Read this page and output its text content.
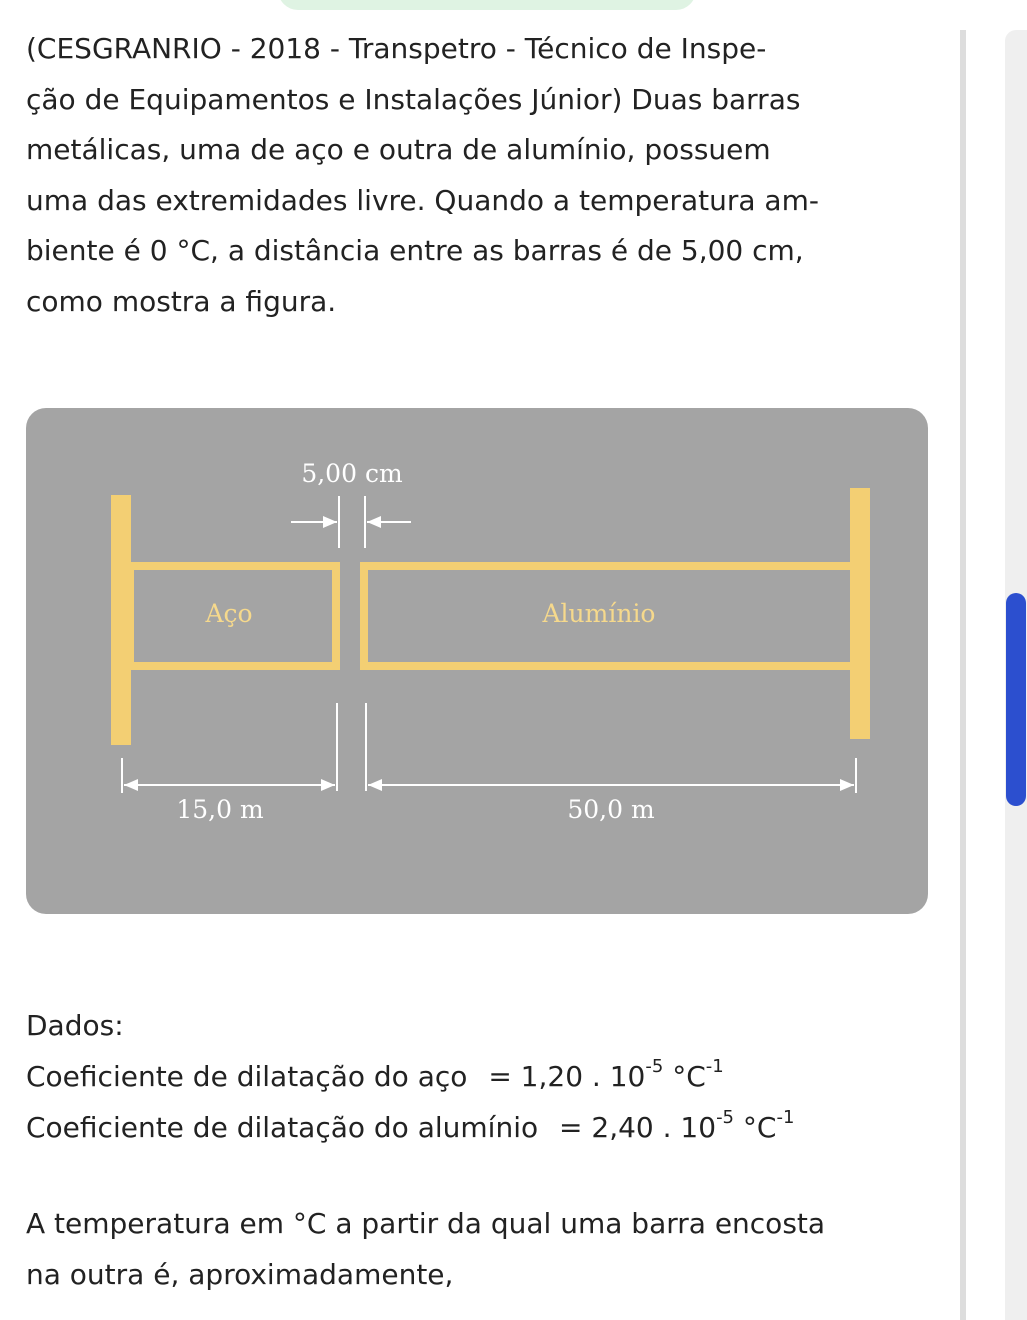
(CESGRANRIO - 2018 - Transpetro - Técnico de Inspe-
ção de Equipamentos e Instalações Júnior) Duas barras
metálicas, uma de aço e outra de alumínio, possuem
uma das extremidades livre. Quando a temperatura am-
biente é 0 °C, a distância entre as barras é de 5,00 cm,
como mostra a figura.

5,00 cm
Aço	Alumínio
15,0 m	50,0 m
Dados:
Coeficiente de dilatação do aço = 1,20 . $10^{-5}$ $^\circ C^{-1}$
Coeficiente de dilatação do alumínio = 2,40 . $10^{-5}$ $^\circ C^{-1}$

A temperatura em °C a partir da qual uma barra encosta
na outra é, aproximadamente,
